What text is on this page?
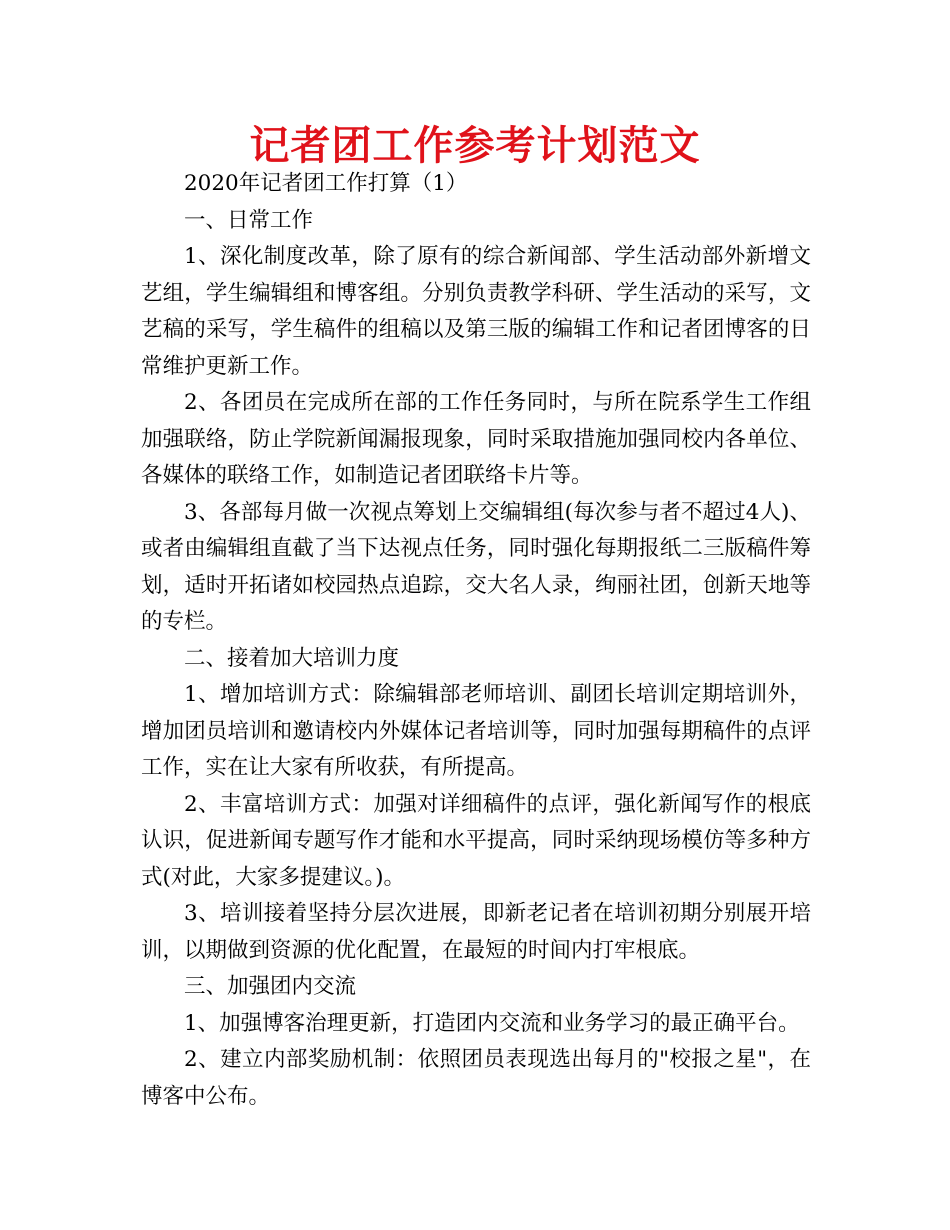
记者团工作参考计划范文

2020年记者团工作打算（1）

一、日常工作

1、深化制度改革，除了原有的综合新闻部、学生活动部外新增文艺组，学生编辑组和博客组。分别负责教学科研、学生活动的采写，文艺稿的采写，学生稿件的组稿以及第三版的编辑工作和记者团博客的日常维护更新工作。

2、各团员在完成所在部的工作任务同时，与所在院系学生工作组加强联络，防止学院新闻漏报现象，同时采取措施加强同校内各单位、各媒体的联络工作，如制造记者团联络卡片等。

3、各部每月做一次视点筹划上交编辑组(每次参与者不超过4人)、或者由编辑组直截了当下达视点任务，同时强化每期报纸二三版稿件筹划，适时开拓诸如校园热点追踪，交大名人录，绚丽社团，创新天地等的专栏。

二、接着加大培训力度

1、增加培训方式：除编辑部老师培训、副团长培训定期培训外，增加团员培训和邀请校内外媒体记者培训等，同时加强每期稿件的点评工作，实在让大家有所收获，有所提高。

2、丰富培训方式：加强对详细稿件的点评，强化新闻写作的根底认识，促进新闻专题写作才能和水平提高，同时采纳现场模仿等多种方式(对此，大家多提建议。)。

3、培训接着坚持分层次进展，即新老记者在培训初期分别展开培训，以期做到资源的优化配置，在最短的时间内打牢根底。

三、加强团内交流

1、加强博客治理更新，打造团内交流和业务学习的最正确平台。

2、建立内部奖励机制：依照团员表现选出每月的"校报之星"，在博客中公布。
